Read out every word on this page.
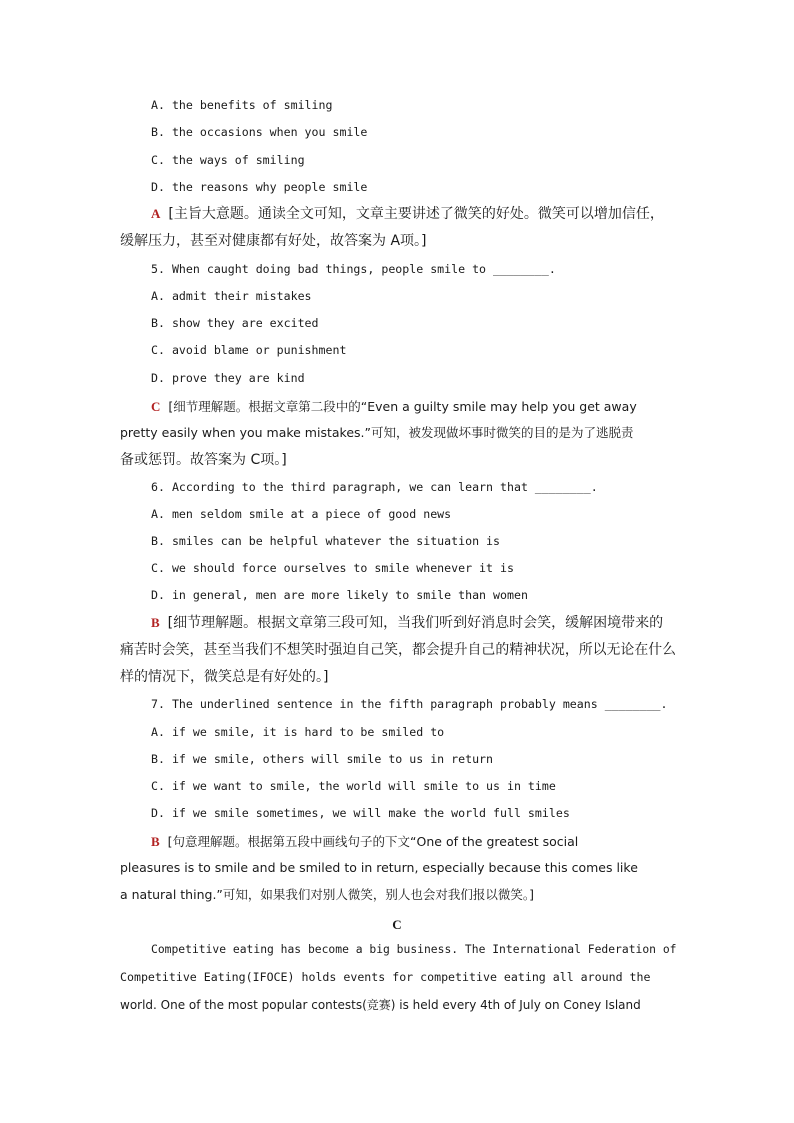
A. the benefits of smiling
B. the occasions when you smile
C. the ways of smiling
D. the reasons why people smile
A [主旨大意题。通读全文可知，文章主要讲述了微笑的好处。微笑可以增加信任，
缓解压力，甚至对健康都有好处，故答案为 A项。]
5. When caught doing bad things, people smile to ________.
A. admit their mistakes
B. show they are excited
C. avoid blame or punishment
D. prove they are kind
C [细节理解题。根据文章第二段中的“Even a guilty smile may help you get away
pretty easily when you make mistakes.”可知，被发现做坏事时微笑的目的是为了逃脱责
备或惩罚。故答案为 C项。]
6. According to the third paragraph, we can learn that ________.
A. men seldom smile at a piece of good news
B. smiles can be helpful whatever the situation is
C. we should force ourselves to smile whenever it is
D. in general, men are more likely to smile than women
B [细节理解题。根据文章第三段可知，当我们听到好消息时会笑，缓解困境带来的
痛苦时会笑，甚至当我们不想笑时强迫自己笑，都会提升自己的精神状况，所以无论在什么
样的情况下，微笑总是有好处的。]
7. The underlined sentence in the fifth paragraph probably means ________.
A. if we smile, it is hard to be smiled to
B. if we smile, others will smile to us in return
C. if we want to smile, the world will smile to us in time
D. if we smile sometimes, we will make the world full smiles
B [句意理解题。根据第五段中画线句子的下文“One of the greatest social
pleasures is to smile and be smiled to in return, especially because this comes like
a natural thing.”可知，如果我们对别人微笑，别人也会对我们报以微笑。]
C
Competitive eating has become a big business. The International Federation of
Competitive Eating(IFOCE) holds events for competitive eating all around the
world. One of the most popular contests(竞赛) is held every 4th of July on Coney Island
